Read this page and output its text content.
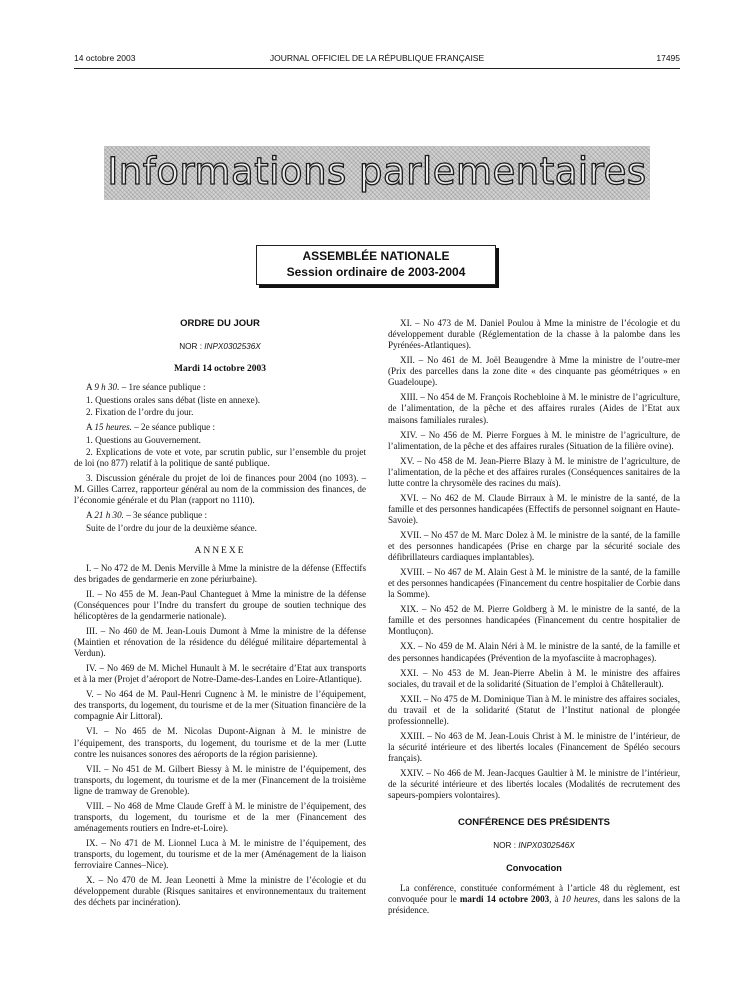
14 octobre 2003	JOURNAL OFFICIEL DE LA RÉPUBLIQUE FRANÇAISE	17495
Informations parlementaires
ASSEMBLÉE NATIONALE
Session ordinaire de 2003-2004
ORDRE DU JOUR
NOR : INPX0302536X
Mardi 14 octobre 2003

A 9 h 30. – 1re séance publique :

1. Questions orales sans débat (liste en annexe).

2. Fixation de l’ordre du jour.

A 15 heures. – 2e séance publique :

1. Questions au Gouvernement.

2. Explications de vote et vote, par scrutin public, sur l’ensemble du projet de loi (no 877) relatif à la politique de santé publique.

3. Discussion générale du projet de loi de finances pour 2004 (no 1093). – M. Gilles Carrez, rapporteur général au nom de la commission des finances, de l’économie générale et du Plan (rapport no 1110).

A 21 h 30. – 3e séance publique :

Suite de l’ordre du jour de la deuxième séance.

ANNEXE

I. – No 472 de M. Denis Merville à Mme la ministre de la défense (Effectifs des brigades de gendarmerie en zone périurbaine).

II. – No 455 de M. Jean-Paul Chanteguet à Mme la ministre de la défense (Conséquences pour l’Indre du transfert du groupe de soutien technique des hélicoptères de la gendarmerie nationale).

III. – No 460 de M. Jean-Louis Dumont à Mme la ministre de la défense (Maintien et rénovation de la résidence du délégué militaire départemental à Verdun).

IV. – No 469 de M. Michel Hunault à M. le secrétaire d’Etat aux transports et à la mer (Projet d’aéroport de Notre-Dame-des-Landes en Loire-Atlantique).

V. – No 464 de M. Paul-Henri Cugnenc à M. le ministre de l’équipement, des transports, du logement, du tourisme et de la mer (Situation financière de la compagnie Air Littoral).

VI. – No 465 de M. Nicolas Dupont-Aignan à M. le ministre de l’équipement, des transports, du logement, du tourisme et de la mer (Lutte contre les nuisances sonores des aéroports de la région parisienne).

VII. – No 451 de M. Gilbert Biessy à M. le ministre de l’équipement, des transports, du logement, du tourisme et de la mer (Financement de la troisième ligne de tramway de Grenoble).

VIII. – No 468 de Mme Claude Greff à M. le ministre de l’équipement, des transports, du logement, du tourisme et de la mer (Financement des aménagements routiers en Indre-et-Loire).

IX. – No 471 de M. Lionnel Luca à M. le ministre de l’équipement, des transports, du logement, du tourisme et de la mer (Aménagement de la liaison ferroviaire Cannes–Nice).

X. – No 470 de M. Jean Leonetti à Mme la ministre de l’écologie et du développement durable (Risques sanitaires et environnementaux du traitement des déchets par incinération).

XI. – No 473 de M. Daniel Poulou à Mme la ministre de l’écologie et du développement durable (Réglementation de la chasse à la palombe dans les Pyrénées-Atlantiques).

XII. – No 461 de M. Joël Beaugendre à Mme la ministre de l’outre-mer (Prix des parcelles dans la zone dite « des cinquante pas géométriques » en Guadeloupe).

XIII. – No 454 de M. François Rochebloine à M. le ministre de l’agriculture, de l’alimentation, de la pêche et des affaires rurales (Aides de l’Etat aux maisons familiales rurales).

XIV. – No 456 de M. Pierre Forgues à M. le ministre de l’agriculture, de l’alimentation, de la pêche et des affaires rurales (Situation de la filière ovine).

XV. – No 458 de M. Jean-Pierre Blazy à M. le ministre de l’agriculture, de l’alimentation, de la pêche et des affaires rurales (Conséquences sanitaires de la lutte contre la chrysomèle des racines du maïs).

XVI. – No 462 de M. Claude Birraux à M. le ministre de la santé, de la famille et des personnes handicapées (Effectifs de personnel soignant en Haute-Savoie).

XVII. – No 457 de M. Marc Dolez à M. le ministre de la santé, de la famille et des personnes handicapées (Prise en charge par la sécurité sociale des défibrillateurs cardiaques implantables).

XVIII. – No 467 de M. Alain Gest à M. le ministre de la santé, de la famille et des personnes handicapées (Financement du centre hospitalier de Corbie dans la Somme).

XIX. – No 452 de M. Pierre Goldberg à M. le ministre de la santé, de la famille et des personnes handicapées (Financement du centre hospitalier de Montluçon).

XX. – No 459 de M. Alain Néri à M. le ministre de la santé, de la famille et des personnes handicapées (Prévention de la myofasciite à macrophages).

XXI. – No 453 de M. Jean-Pierre Abelin à M. le ministre des affaires sociales, du travail et de la solidarité (Situation de l’emploi à Châtellerault).

XXII. – No 475 de M. Dominique Tian à M. le ministre des affaires sociales, du travail et de la solidarité (Statut de l’Institut national de plongée professionnelle).

XXIII. – No 463 de M. Jean-Louis Christ à M. le ministre de l’intérieur, de la sécurité intérieure et des libertés locales (Financement de Spéléo secours français).

XXIV. – No 466 de M. Jean-Jacques Gaultier à M. le ministre de l’intérieur, de la sécurité intérieure et des libertés locales (Modalités de recrutement des sapeurs-pompiers volontaires).

CONFÉRENCE DES PRÉSIDENTS
NOR : INPX0302546X
Convocation

La conférence, constituée conformément à l’article 48 du règlement, est convoquée pour le mardi 14 octobre 2003, à 10 heures, dans les salons de la présidence.
